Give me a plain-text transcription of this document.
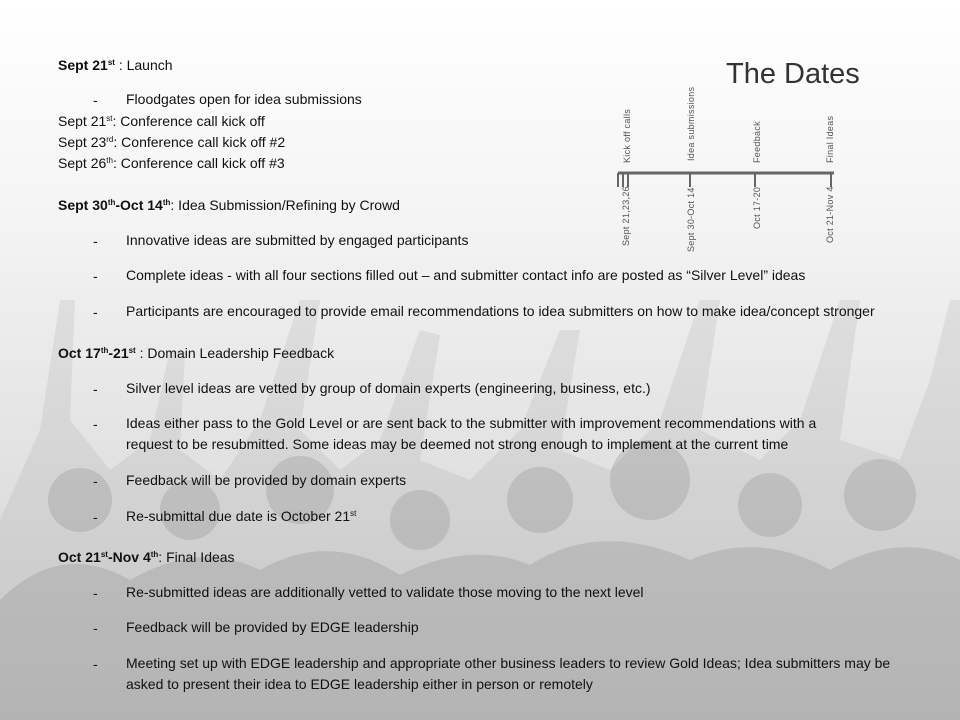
The Dates
Kick off calls	Idea submissions	Feedback	Final Ideas
Sept 21,23,26	Sept 30-Oct 14	Oct 17-20	Oct 21-Nov 4
Sept 21st : Launch
- Floodgates open for idea submissions
Sept 21st: Conference call kick off
Sept 23rd: Conference call kick off #2
Sept 26th: Conference call kick off #3
Sept 30th-Oct 14th: Idea Submission/Refining by Crowd
- Innovative ideas are submitted by engaged participants
- Complete ideas - with all four sections filled out – and submitter contact info are posted as “Silver Level” ideas
- Participants are encouraged to provide email recommendations to idea submitters on how to make idea/concept stronger
Oct 17th-21st : Domain Leadership Feedback
- Silver level ideas are vetted by group of domain experts (engineering, business, etc.)
- Ideas either pass to the Gold Level or are sent back to the submitter with improvement recommendations with a request to be resubmitted. Some ideas may be deemed not strong enough to implement at the current time
- Feedback will be provided by domain experts
- Re-submittal due date is October 21st
Oct 21st-Nov 4th: Final Ideas
- Re-submitted ideas are additionally vetted to validate those moving to the next level
- Feedback will be provided by EDGE leadership
- Meeting set up with EDGE leadership and appropriate other business leaders to review Gold Ideas; Idea submitters may be asked to present their idea to EDGE leadership either in person or remotely
